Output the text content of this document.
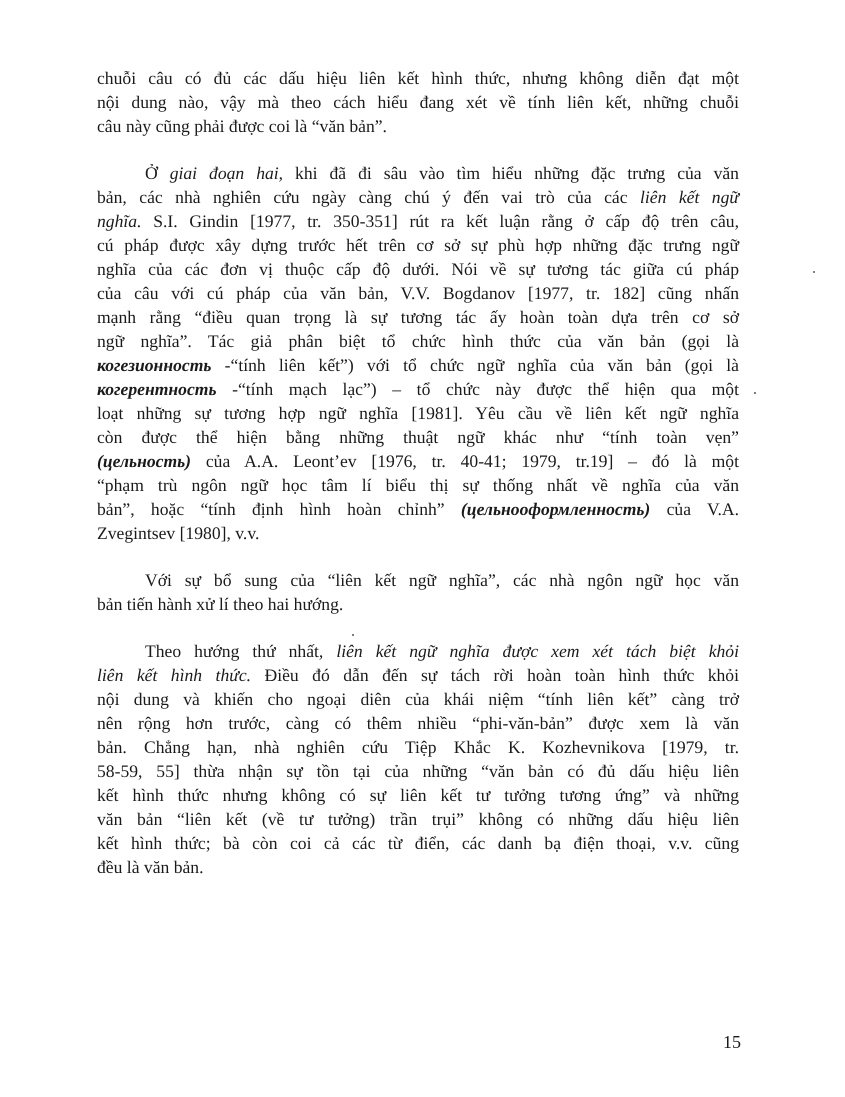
chuỗi câu có đủ các dấu hiệu liên kết hình thức, nhưng không diễn đạt một
nội dung nào, vậy mà theo cách hiểu đang xét về tính liên kết, những chuỗi
câu này cũng phải được coi là “văn bản”.
Ở giai đoạn hai, khi đã đi sâu vào tìm hiểu những đặc trưng của văn
bản, các nhà nghiên cứu ngày càng chú ý đến vai trò của các liên kết ngữ
nghĩa. S.I. Gindin [1977, tr. 350-351] rút ra kết luận rằng ở cấp độ trên câu,
cú pháp được xây dựng trước hết trên cơ sở sự phù hợp những đặc trưng ngữ
nghĩa của các đơn vị thuộc cấp độ dưới. Nói về sự tương tác giữa cú pháp
của câu với cú pháp của văn bản, V.V. Bogdanov [1977, tr. 182] cũng nhấn
mạnh rằng “điều quan trọng là sự tương tác ấy hoàn toàn dựa trên cơ sở
ngữ nghĩa”. Tác giả phân biệt tổ chức hình thức của văn bản (gọi là
когезионность -“tính liên kết”) với tổ chức ngữ nghĩa của văn bản (gọi là
когерентность -“tính mạch lạc”) – tổ chức này được thể hiện qua một
loạt những sự tương hợp ngữ nghĩa [1981]. Yêu cầu về liên kết ngữ nghĩa
còn được thể hiện bằng những thuật ngữ khác như “tính toàn vẹn”
(цельность) của A.A. Leont’ev [1976, tr. 40-41; 1979, tr.19] – đó là một
“phạm trù ngôn ngữ học tâm lí biểu thị sự thống nhất về nghĩa của văn
bản”, hoặc “tính định hình hoàn chỉnh” (цельнооформленность) của V.A.
Zvegintsev [1980], v.v.
Với sự bổ sung của “liên kết ngữ nghĩa”, các nhà ngôn ngữ học văn
bản tiến hành xử lí theo hai hướng.
Theo hướng thứ nhất, liên kết ngữ nghĩa được xem xét tách biệt khỏi
liên kết hình thức. Điều đó dẫn đến sự tách rời hoàn toàn hình thức khỏi
nội dung và khiến cho ngoại diên của khái niệm “tính liên kết” càng trở
nên rộng hơn trước, càng có thêm nhiều “phi-văn-bản” được xem là văn
bản. Chẳng hạn, nhà nghiên cứu Tiệp Khắc K. Kozhevnikova [1979, tr.
58-59, 55] thừa nhận sự tồn tại của những “văn bản có đủ dấu hiệu liên
kết hình thức nhưng không có sự liên kết tư tưởng tương ứng” và những
văn bản “liên kết (về tư tưởng) trần trụi” không có những dấu hiệu liên
kết hình thức; bà còn coi cả các từ điển, các danh bạ điện thoại, v.v. cũng
đều là văn bản.
15
